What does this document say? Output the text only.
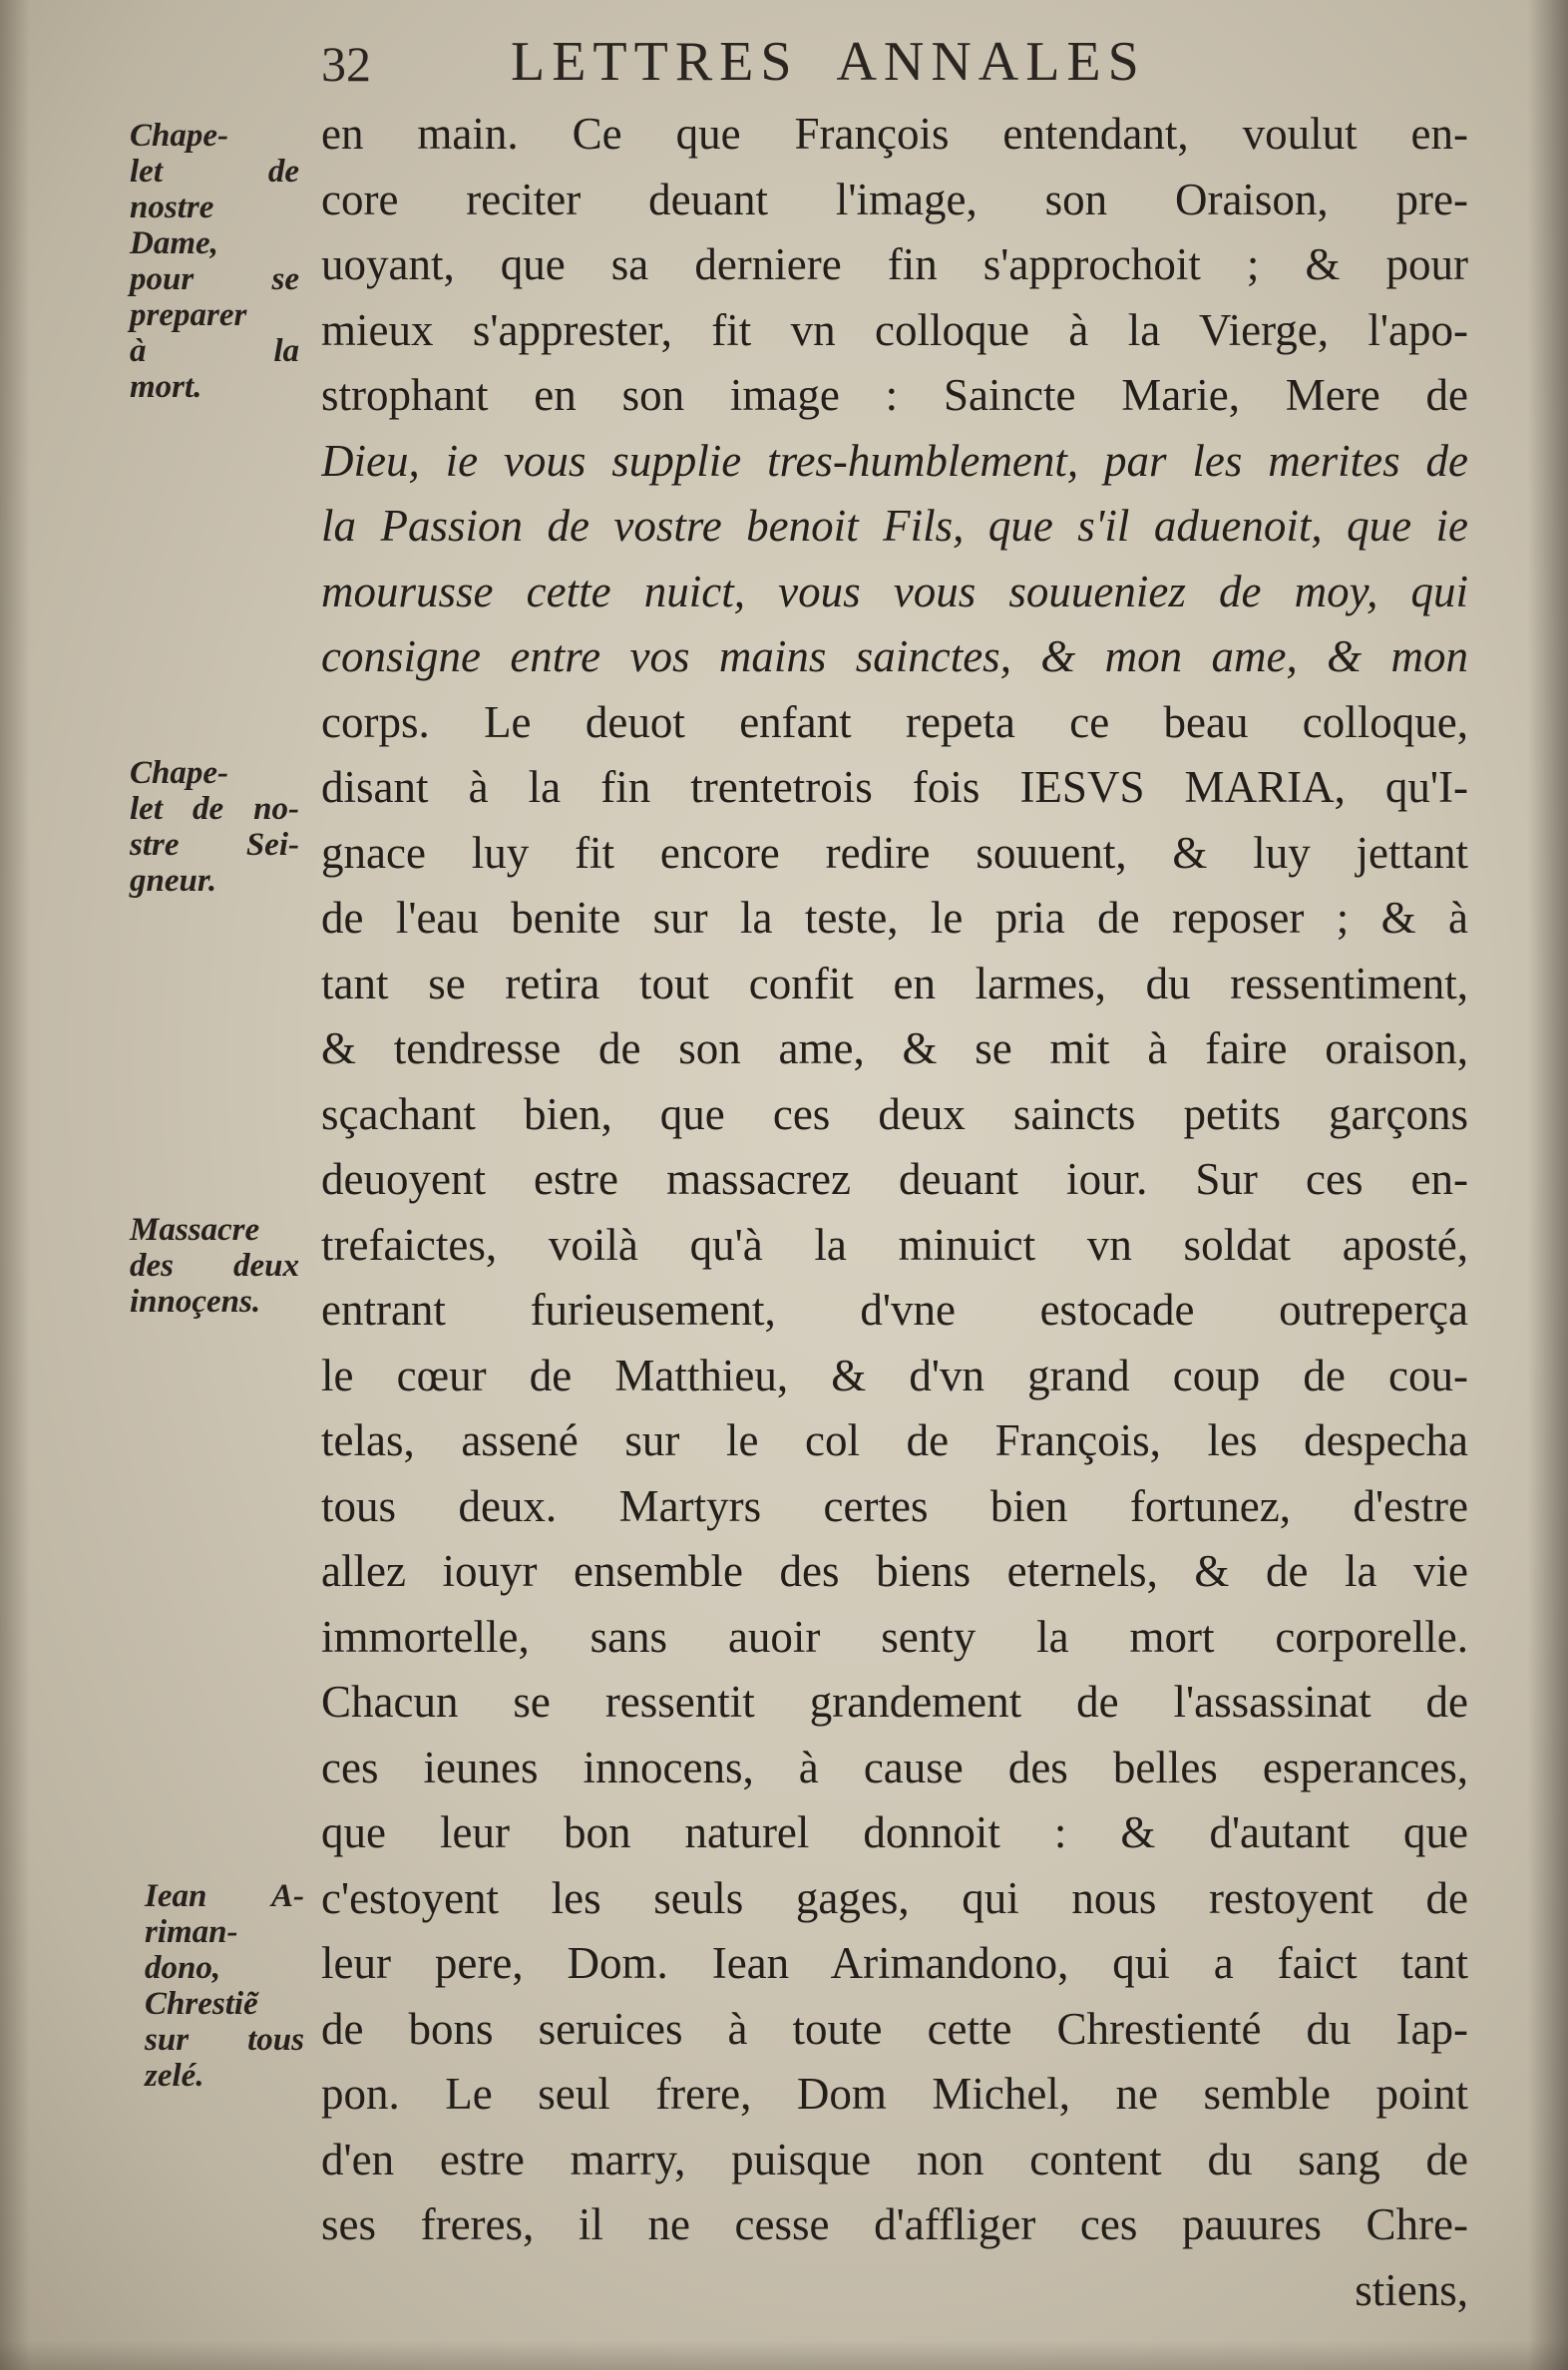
32	LETTRES ANNALES
Chape-
let de
nostre
Dame,
pour se
preparer
à la
mort.
Chape-
let de no-
stre Sei-
gneur.
Massacre
des deux
innoçens.
Iean A-
riman-
dono,
Chrestiẽ
sur tous
zelé.
en main. Ce que François entendant, voulut en-
core reciter deuant l'image, son Oraison, pre-
uoyant, que sa derniere fin s'approchoit ; & pour
mieux s'apprester, fit vn colloque à la Vierge, l'apo-
strophant en son image : Saincte Marie, Mere de
Dieu, ie vous supplie tres-humblement, par les merites de
la Passion de vostre benoit Fils, que s'il aduenoit, que ie
mourusse cette nuict, vous vous souueniez de moy, qui
consigne entre vos mains sainctes, & mon ame, & mon
corps. Le deuot enfant repeta ce beau colloque,
disant à la fin trentetrois fois IESVS MARIA, qu'I-
gnace luy fit encore redire souuent, & luy jettant
de l'eau benite sur la teste, le pria de reposer ; & à
tant se retira tout confit en larmes, du ressentiment,
& tendresse de son ame, & se mit à faire oraison,
sçachant bien, que ces deux saincts petits garçons
deuoyent estre massacrez deuant iour. Sur ces en-
trefaictes, voilà qu'à la minuict vn soldat aposté,
entrant furieusement, d'vne estocade outreperça
le cœur de Matthieu, & d'vn grand coup de cou-
telas, assené sur le col de François, les despecha
tous deux. Martyrs certes bien fortunez, d'estre
allez iouyr ensemble des biens eternels, & de la vie
immortelle, sans auoir senty la mort corporelle.
Chacun se ressentit grandement de l'assassinat de
ces ieunes innocens, à cause des belles esperances,
que leur bon naturel donnoit : & d'autant que
c'estoyent les seuls gages, qui nous restoyent de
leur pere, Dom. Iean Arimandono, qui a faict tant
de bons seruices à toute cette Chrestienté du Iap-
pon. Le seul frere, Dom Michel, ne semble point
d'en estre marry, puisque non content du sang de
ses freres, il ne cesse d'affliger ces pauures Chre-
stiens,
